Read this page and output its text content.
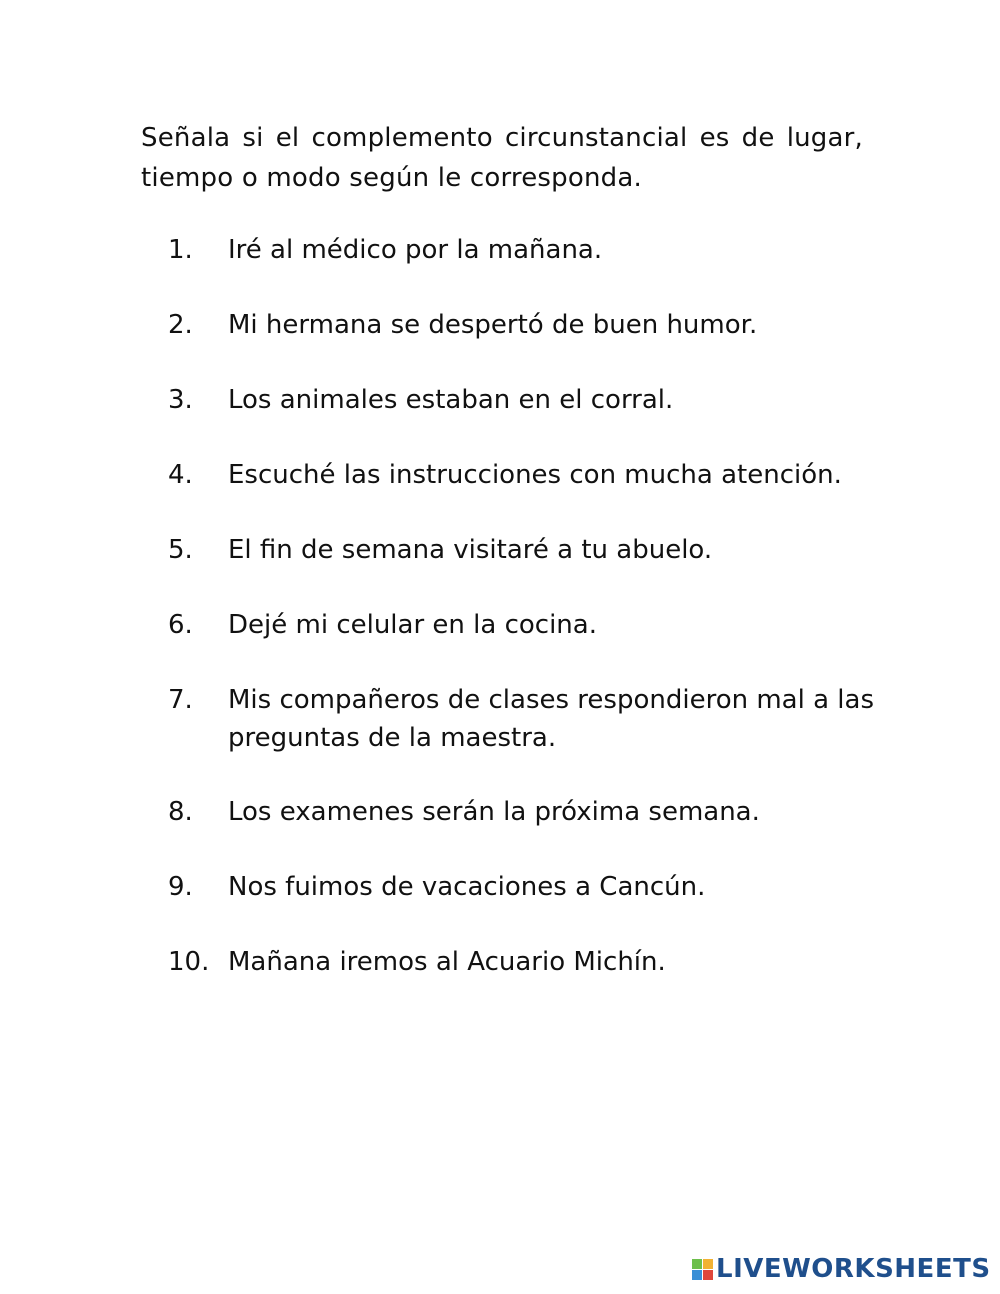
Señala si el complemento circunstancial es de lugar, tiempo o modo según le corresponda.
1.	Iré al médico por la mañana.
2.	Mi hermana se despertó de buen humor.
3.	Los animales estaban en el corral.
4.	Escuché las instrucciones con mucha atención.
5.	El fin de semana visitaré a tu abuelo.
6.	Dejé mi celular en la cocina.
7.	Mis compañeros de clases respondieron mal a las preguntas de la maestra.
8.	Los examenes serán la próxima semana.
9.	Nos fuimos de vacaciones a Cancún.
10. Mañana iremos al Acuario Michín.
LIVEWORKSHEETS
